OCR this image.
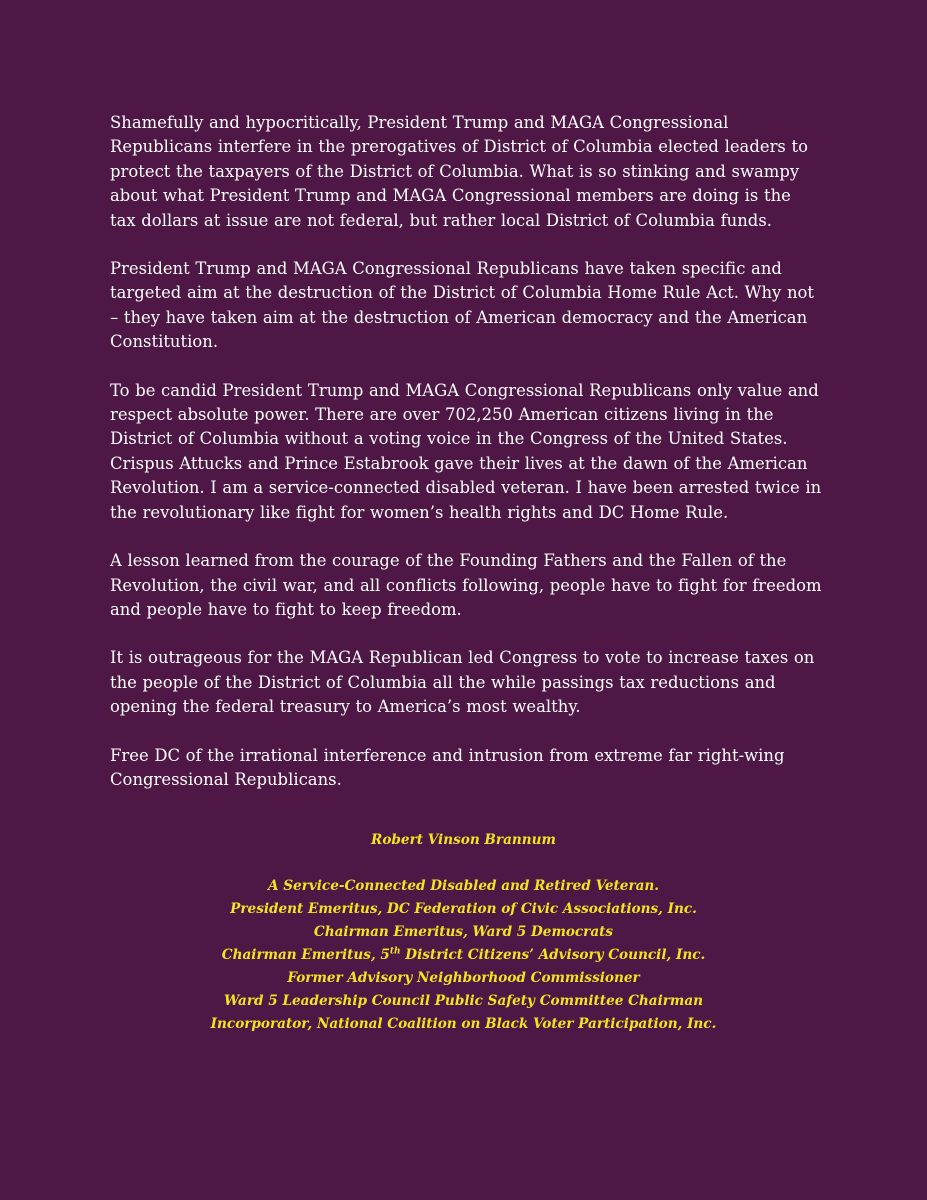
Shamefully and hypocritically, President Trump and MAGA Congressional Republicans interfere in the prerogatives of District of Columbia elected leaders to protect the taxpayers of the District of Columbia. What is so stinking and swampy about what President Trump and MAGA Congressional members are doing is the tax dollars at issue are not federal, but rather local District of Columbia funds.

President Trump and MAGA Congressional Republicans have taken specific and targeted aim at the destruction of the District of Columbia Home Rule Act. Why not – they have taken aim at the destruction of American democracy and the American Constitution.

To be candid President Trump and MAGA Congressional Republicans only value and respect absolute power. There are over 702,250 American citizens living in the District of Columbia without a voting voice in the Congress of the United States. Crispus Attucks and Prince Estabrook gave their lives at the dawn of the American Revolution. I am a service-connected disabled veteran. I have been arrested twice in the revolutionary like fight for women’s health rights and DC Home Rule.

A lesson learned from the courage of the Founding Fathers and the Fallen of the Revolution, the civil war, and all conflicts following, people have to fight for freedom and people have to fight to keep freedom.

It is outrageous for the MAGA Republican led Congress to vote to increase taxes on the people of the District of Columbia all the while passings tax reductions and opening the federal treasury to America’s most wealthy.

Free DC of the irrational interference and intrusion from extreme far right-wing Congressional Republicans.

Robert Vinson Brannum

A Service-Connected Disabled and Retired Veteran.

President Emeritus, DC Federation of Civic Associations, Inc.

Chairman Emeritus, Ward 5 Democrats

Chairman Emeritus, 5th District Citizens’ Advisory Council, Inc.

Former Advisory Neighborhood Commissioner

Ward 5 Leadership Council Public Safety Committee Chairman

Incorporator, National Coalition on Black Voter Participation, Inc.
